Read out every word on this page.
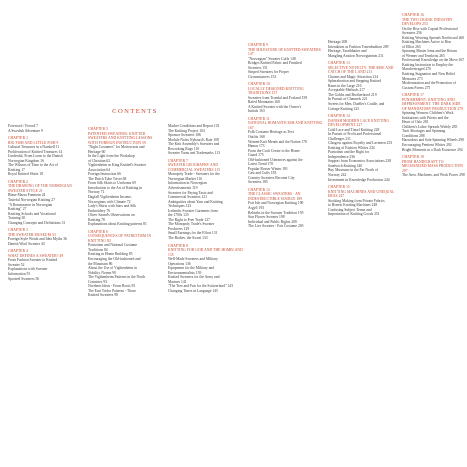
CONTENTS
Foreword / Forord 7
A Swedish Adventure 9
CHAPTER 1
BIG FISH AND LITTLE FISH 9
Cultural Treasures in a Nutshell 11
Proliferation of Knitted Treasures 14
Lindesdal, From Loom to the Danish
Norwegian Kingdom 16
The Wilsons of Time to the Art of
Knitting 17
Royal Knitted Shirts 18
CHAPTER 2
THE DRAWING OF THE NORWEGIAN SWEATER STYLE 21
Blaue Marsa Fonntein 24
Tasteful Norwegian Knitting 27
"A Renaissance in Norwegian
Knitting" 27
Knitting Schools and Vocational
Training 30
Changing Concepts and Definitions 31
CHAPTER 3
THE SWEATER MUSEUM 33
Foreign Style Words and Idea Myths 36
Danish Wool Sweater 43
CHAPTER 4
WHAT DEFINES A SWEATER? 49
From Fashion Sweater to Knitted
Sweater 52
Explanations with Sweater
Information 55
Sporteel Sweaters 56
CHAPTER 5
PATENTED SWEATERS: KNITTED SWEATERS AND KNITTING LESSONS WITH FOREIGN INSTRUCTION 59
"Night Costumes" for Mottercasts and
Heritage 60
In the Light from the Workshop
of Christian 62
Vigthenheim as King Knitted's Sweater
Association 64
Foreign Instruction 66
The Dutch Tube Trivet 68
From Silk Skirts to Uniforms 69
Introduction to the Art of Knitting in
Norway 71
Dagfall Vigthenheim Income,
Norwegians with Climate 72
Lady's Shirts with Stars and Silk
Embroidery 76
Oliver Saund's Observations on
Knitting 78
Explanations about Knitting patterns 81
CHAPTER 6
CONSEQUENCES OF PATRIOTISM IN KNITTING 83
Patriotism and National Costume
Traditions 84
Knitting in Home Building 85
Encouraging the Old-fashioned and
the Mountain 86
About the Use of Vigthenheim in
Nobility Norms 90
The Vigthenheim Patterns in the North
Countries 93
Northern Ideas - From Roots 95
The East Tridor Patterns - Those
Knitted Sweaters 98
Market Conditions and Report 101
The Knitting Project 104
Sponsor Sweaters 106
Module Notes Nyhaard's Rate 108
The Knit Assembly's Sweaters and
Reworking Rugs 110
Sweater Yarns and Trademarks 113
CHAPTER 7
SWEATER GEOGRAPHY AND COMMERCIAL SWEATERS 115
Monopoly Trade - Sweaters for the
Norwegian Market 116
Information in Norwegian
Advertisements 119
Sweaters for Paying Taxis and
Commercial Sweaters 121
Ambiguities about Yarn and Knitting
Techniques 123
Icelandic Sweater Garments from
the 1700s 125
The Right to Free Trade 127
The Monopoly Trade's Sweater
Producers 129
Small Earnings for the Effort 131
The Bodies, the Sweat 133
CHAPTER 8
KNITTING FOR GOD AND THE HOMELAND 135
Well-Made Sweaters and Military
Operations 136
Equipment for the Military and
Environmentalists 139
Knitted Sweaters for the Army and
Marines 141
"The Tree and Fair for the Switzerland" 143
Changing Times in Language 145
CHAPTER 9
THE MILESTONE OF KNITTED SWEATERS 147
"Norwegian" Sweater Cuffs 148
Bridges Knitted Fabric and Finished
Sweaters 151
Striped Sweaters for Proper
Circumstances 153
CHAPTER 10
LOCALLY DESIGNED KNITTING TRADITIONS 157
Sweaters from Trondal and Fosland 158
Rafed Mountains 160
A Knitted Sweater with the Owner's
Initials 163
CHAPTER 11
NATIONAL ROMANTICISM AND KNITTING 167
Folk Costume Heritage as Text
Outfits 168
Women Knit Mends and the Nation 170
Hamar 173
From the Craft Centre to the Home
Guard 175
Old-fashioned Utterances against the
Latest Trend 178
Popular Rosser Winter 181
Cast and Cuffs 183
Country Sweaters Become City
Sweaters 185
CHAPTER 12
THE CLASSIC SWEATERS - AN INDESTRUCTIBLE SOURCE 189
Fair Isle and Norwegian Knitting 190
Argyll 193
Rebirths in the Sweater Tradition 195
Star Flower Sweater 198
Individual and Public Rights 200
The Lice Sweater - Fair Costume 203
Heritage 208
Interaktion as Fashion Tonenbudtion 209
Heritage, Tarathbatter and
Mangling Aniston Norwegianism 211
CHAPTER 13
SELECTIVE NOVELTY: THE RISE AND CATCH OF THE LAND 213
Charms and Magic Attraction 214
Spherabration and Stepping Knitted
Rams in the Large 216
Acceptable Methods 217
The Gobbs and Brotherhood 219
In Pursuit of Channels 221
Sweets for Men, Dueller's Cradle, and
Cottage Knitting 223
CHAPTER 14
DANISH MODERN LACE KNITTING DEVELOPMENT 227
Gold Lace and Tinsel Knitting 228
In Pursuit of Profit and Professional
Challenges 231
Glasgow against Royalty and Lacemen 233
Knitting of Fashion Whites 234
Patriotism and the Right for
Independence 236
Support from Economics Associations 238
Sandwich Knitting 240
Buy Museums in the Far North of
Norway 242
Investment in Knowledge Production 244
CHAPTER 15
KNITTING MACHINES AND UNEQUAL ERAS 247
Stocking Making from Private Fabrics
to Honest Knitting Machines 248
Confusing Subject Terms and
Importation of Knitting Goods 251
CHAPTER 16
THE TWO CRANK INDUSTRY DEVELOPS 253
On the Rise with Capital Professional
Sweaters 256
Knitting Weaving Spreads Northward 260
Knitting Machines Arrive to Rise
of Elliot 263
Spinning Master Irma and the Return
of Wenner and Ternkvist 265
Professional Knowledge on the Move 267
Knitting Instruction to Employ the
Manchestraged 270
Knitting Stagnation and New Relief
Measures 273
Modernization and the Promotion of
Custom Forms 275
CHAPTER 17
PUNISHMENT: KNITTING AND IMPRISONMENT: THE DARK SIDE OF MANDATORY PRODUCTION 279
Spinning Women: Children's Work
Institutions with Priests and the
Heart of Oslo 281
Children's Labor Spreads Widely 285
Tacit Shortages and Spinning
Conditions 288
Hazardous and Safe Spinning Wheels 290
Encouraging Penitent Whites 292
Bright Moments in a Dark Existence 294
CHAPTER 18
FROM HANDICRAFT TO MECHANIZED MASS PRODUCTION 297
The Area, Machines, and Work Power 298
